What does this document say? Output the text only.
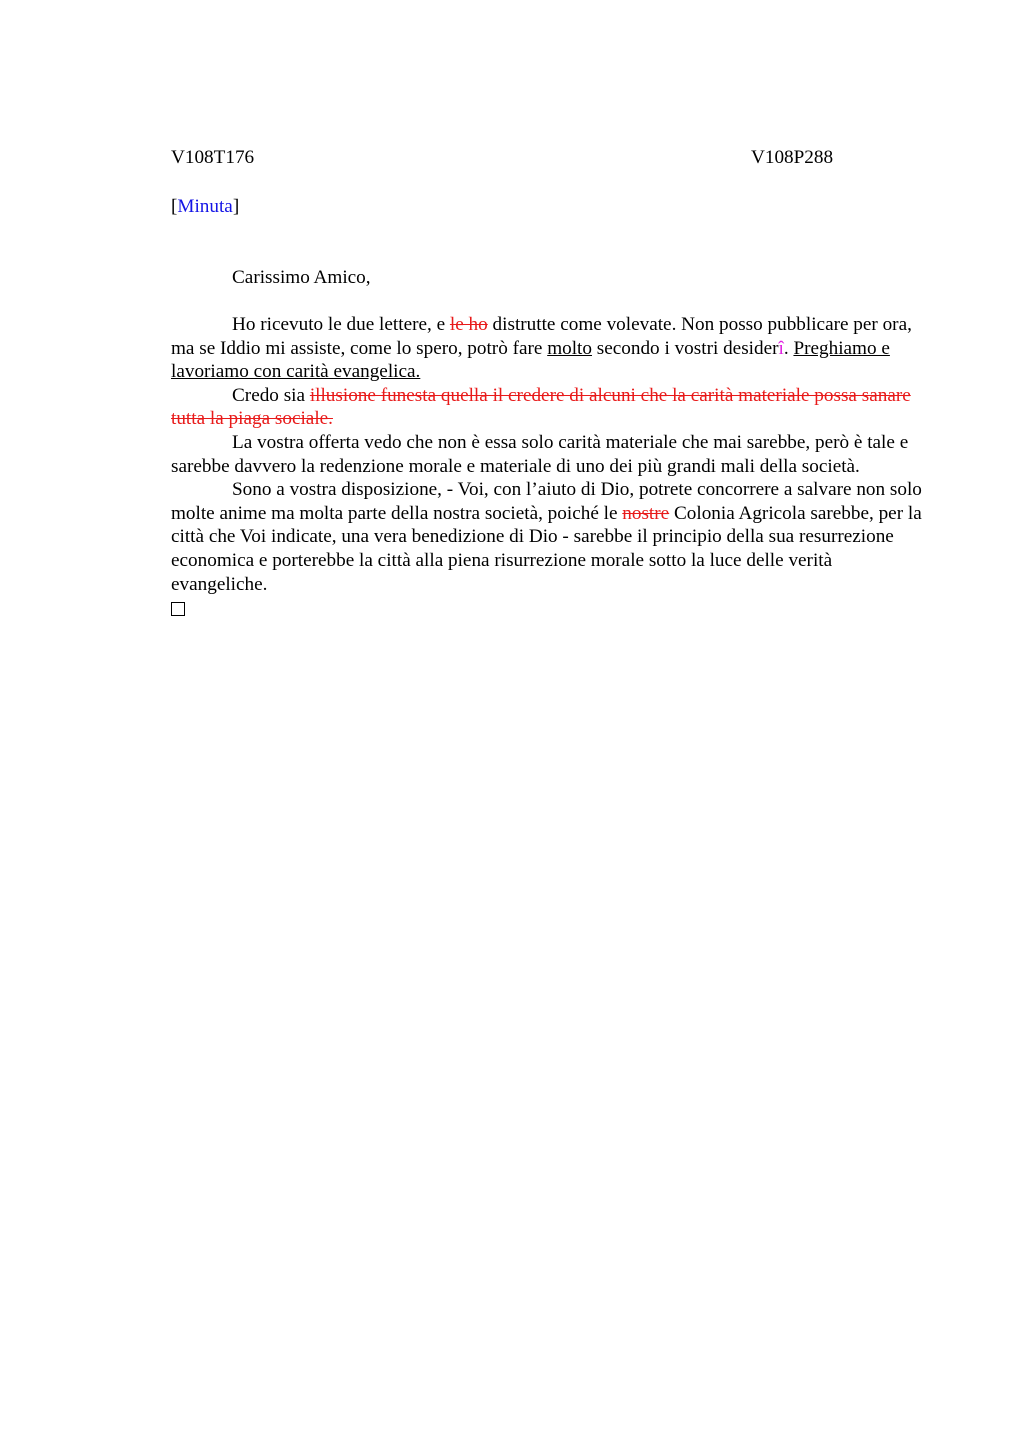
V108T176	V108P288
[Minuta]
Carissimo Amico,

Ho ricevuto le due lettere, e le ho distrutte come volevate. Non posso pubblicare per ora, ma se Iddio mi assiste, come lo spero, potrò fare molto secondo i vostri desiderî. Preghiamo e lavoriamo con carità evangelica.

Credo sia illusione funesta quella il credere di alcuni che la carità materiale possa sanare tutta la piaga sociale.

La vostra offerta vedo che non è essa solo carità materiale che mai sarebbe, però è tale e sarebbe davvero la redenzione morale e materiale di uno dei più grandi mali della società.

Sono a vostra disposizione, - Voi, con l’aiuto di Dio, potrete concorrere a salvare non solo molte anime ma molta parte della nostra società, poiché le nostre Colonia Agricola sarebbe, per la città che Voi indicate, una vera benedizione di Dio - sarebbe il principio della sua resurrezione economica e porterebbe la città alla piena risurrezione morale sotto la luce delle verità evangeliche.
